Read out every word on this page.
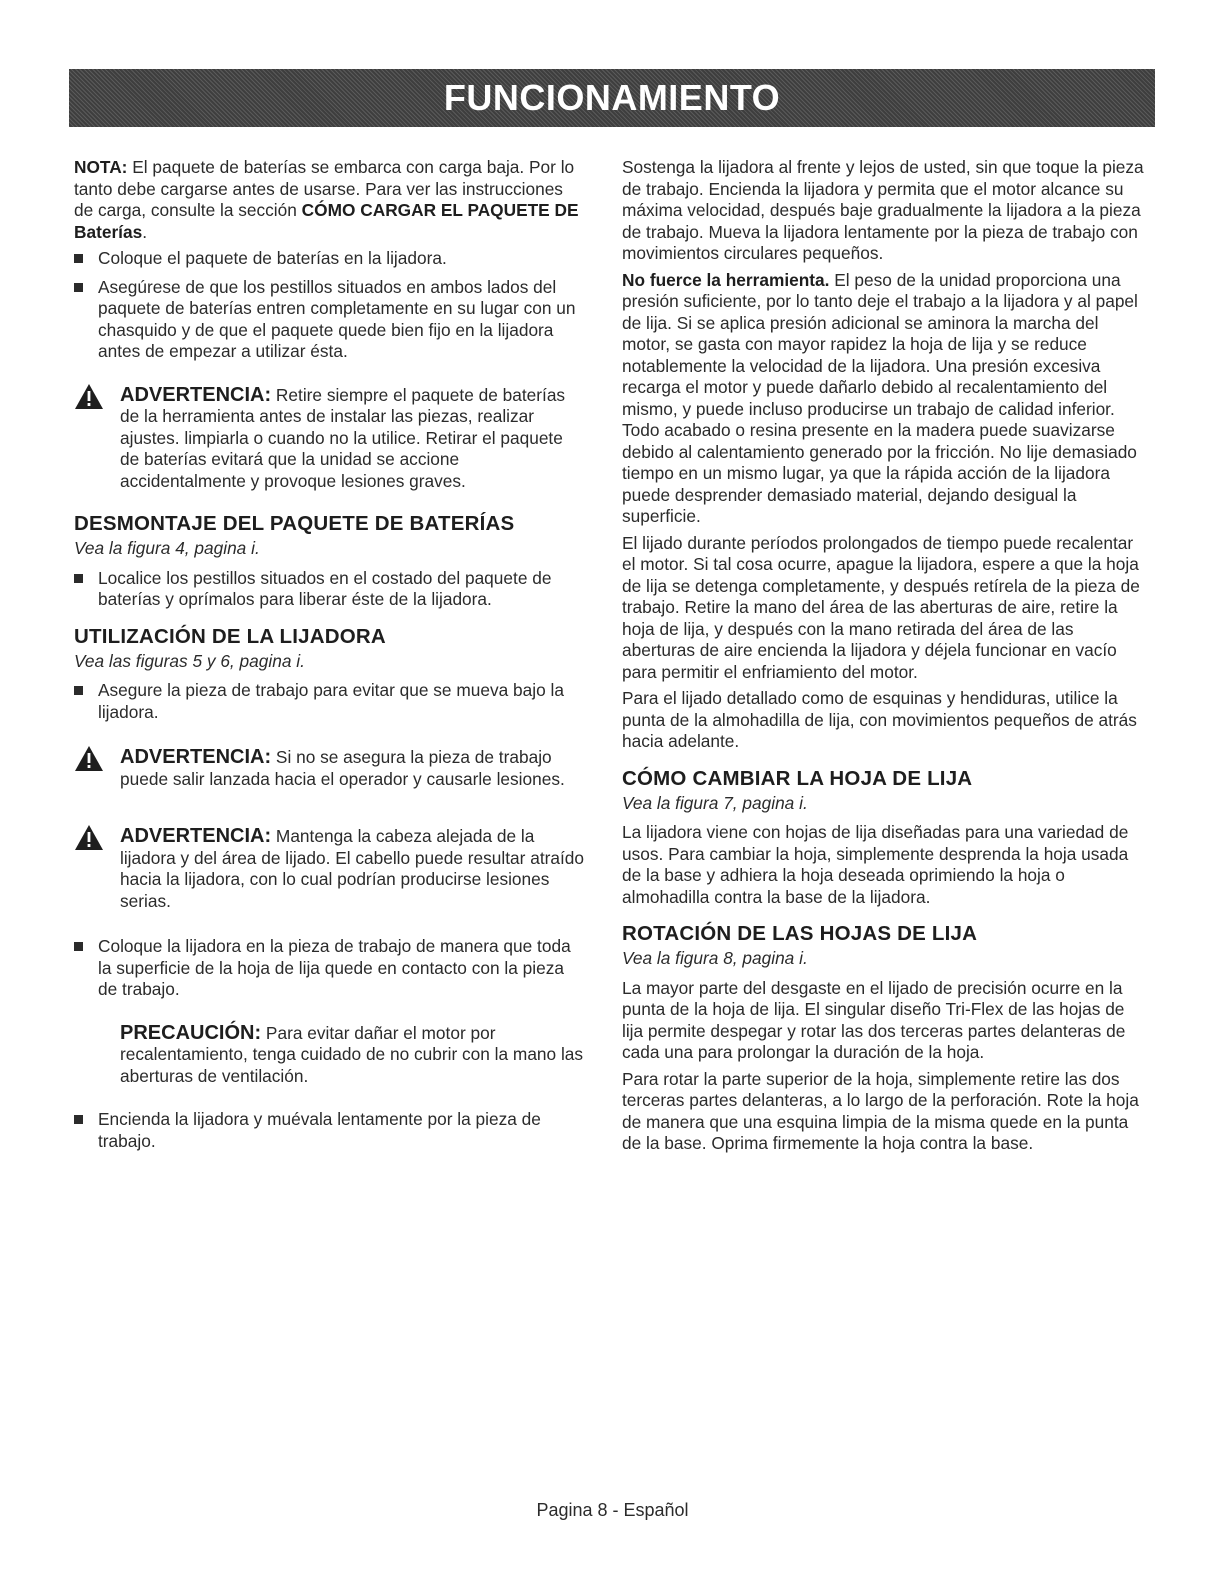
FUNCIONAMIENTO

NOTA: El paquete de baterías se embarca con carga baja. Por lo tanto debe cargarse antes de usarse. Para ver las instrucciones de carga, consulte la sección CÓMO CARGAR EL PAQUETE DE Baterías.

Coloque el paquete de baterías en la lijadora.
Asegúrese de que los pestillos situados en ambos lados del paquete de baterías entren completamente en su lugar con un chasquido y de que el paquete quede bien fijo en la lijadora antes de empezar a utilizar ésta.
ADVERTENCIA: Retire siempre el paquete de baterías de la herramienta antes de instalar las piezas, realizar ajustes. limpiarla o cuando no la utilice. Retirar el paquete de baterías evitará que la unidad se accione accidentalmente y provoque lesiones graves.
DESMONTAJE DEL PAQUETE DE BATERÍAS

Vea la figura 4, pagina i.

Localice los pestillos situados en el costado del paquete de baterías y oprímalos para liberar éste de la lijadora.
UTILIZACIÓN DE LA LIJADORA

Vea las figuras 5 y 6, pagina i.

Asegure la pieza de trabajo para evitar que se mueva bajo la lijadora.
ADVERTENCIA: Si no se asegura la pieza de trabajo puede salir lanzada hacia el operador y causarle lesiones.
ADVERTENCIA: Mantenga la cabeza alejada de la lijadora y del área de lijado. El cabello puede resultar atraído hacia la lijadora, con lo cual podrían producirse lesiones serias.
Coloque la lijadora en la pieza de trabajo de manera que toda la superficie de la hoja de lija quede en contacto con la pieza de trabajo.
PRECAUCIÓN: Para evitar dañar el motor por recalentamiento, tenga cuidado de no cubrir con la mano las aberturas de ventilación.
Encienda la lijadora y muévala lentamente por la pieza de trabajo.

Sostenga la lijadora al frente y lejos de usted, sin que toque la pieza de trabajo. Encienda la lijadora y permita que el motor alcance su máxima velocidad, después baje gradualmente la lijadora a la pieza de trabajo. Mueva la lijadora lentamente por la pieza de trabajo con movimientos circulares pequeños.

No fuerce la herramienta. El peso de la unidad proporciona una presión suficiente, por lo tanto deje el trabajo a la lijadora y al papel de lija. Si se aplica presión adicional se aminora la marcha del motor, se gasta con mayor rapidez la hoja de lija y se reduce notablemente la velocidad de la lijadora. Una presión excesiva recarga el motor y puede dañarlo debido al recalentamiento del mismo, y puede incluso producirse un trabajo de calidad inferior. Todo acabado o resina presente en la madera puede suavizarse debido al calentamiento generado por la fricción. No lije demasiado tiempo en un mismo lugar, ya que la rápida acción de la lijadora puede desprender demasiado material, dejando desigual la superficie.

El lijado durante períodos prolongados de tiempo puede recalentar el motor. Si tal cosa ocurre, apague la lijadora, espere a que la hoja de lija se detenga completamente, y después retírela de la pieza de trabajo. Retire la mano del área de las aberturas de aire, retire la hoja de lija, y después con la mano retirada del área de las aberturas de aire encienda la lijadora y déjela funcionar en vacío para permitir el enfriamiento del motor.

Para el lijado detallado como de esquinas y hendiduras, utilice la punta de la almohadilla de lija, con movimientos pequeños de atrás hacia adelante.

CÓMO CAMBIAR LA HOJA DE LIJA

Vea la figura 7, pagina i.

La lijadora viene con hojas de lija diseñadas para una variedad de usos. Para cambiar la hoja, simplemente desprenda la hoja usada de la base y adhiera la hoja deseada oprimiendo la hoja o almohadilla contra la base de la lijadora.

ROTACIÓN DE LAS HOJAS DE LIJA

Vea la figura 8, pagina i.

La mayor parte del desgaste en el lijado de precisión ocurre en la punta de la hoja de lija. El singular diseño Tri-Flex de las hojas de lija permite despegar y rotar las dos terceras partes delanteras de cada una para prolongar la duración de la hoja.

Para rotar la parte superior de la hoja, simplemente retire las dos terceras partes delanteras, a lo largo de la perforación. Rote la hoja de manera que una esquina limpia de la misma quede en la punta de la base. Oprima firmemente la hoja contra la base.

Pagina 8 - Español
